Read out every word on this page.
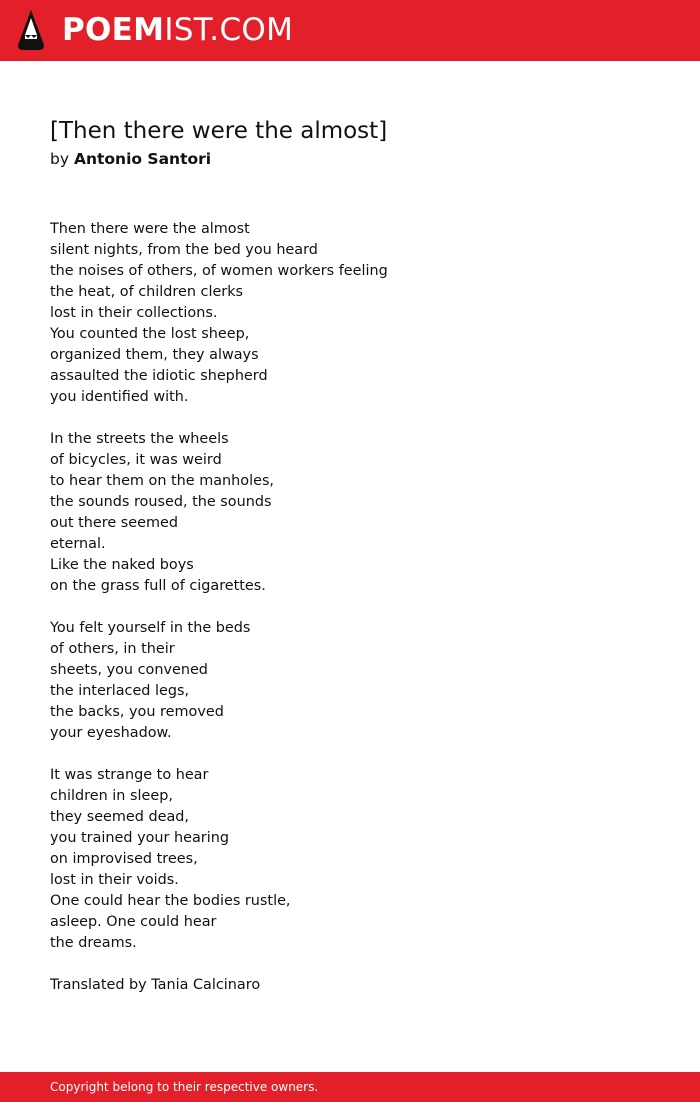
POEMIST.COM
[Then there were the almost]
by Antonio Santori
Then there were the almost
silent nights, from the bed you heard
the noises of others, of women workers feeling
the heat, of children clerks
lost in their collections.
You counted the lost sheep,
organized them, they always
assaulted the idiotic shepherd
you identified with.
In the streets the wheels
of bicycles, it was weird
to hear them on the manholes,
the sounds roused, the sounds
out there seemed
eternal.
Like the naked boys
on the grass full of cigarettes.
You felt yourself in the beds
of others, in their
sheets, you convened
the interlaced legs,
the backs, you removed
your eyeshadow.
It was strange to hear
children in sleep,
they seemed dead,
you trained your hearing
on improvised trees,
lost in their voids.
One could hear the bodies rustle,
asleep. One could hear
the dreams.
Translated by Tania Calcinaro
Copyright belong to their respective owners.
